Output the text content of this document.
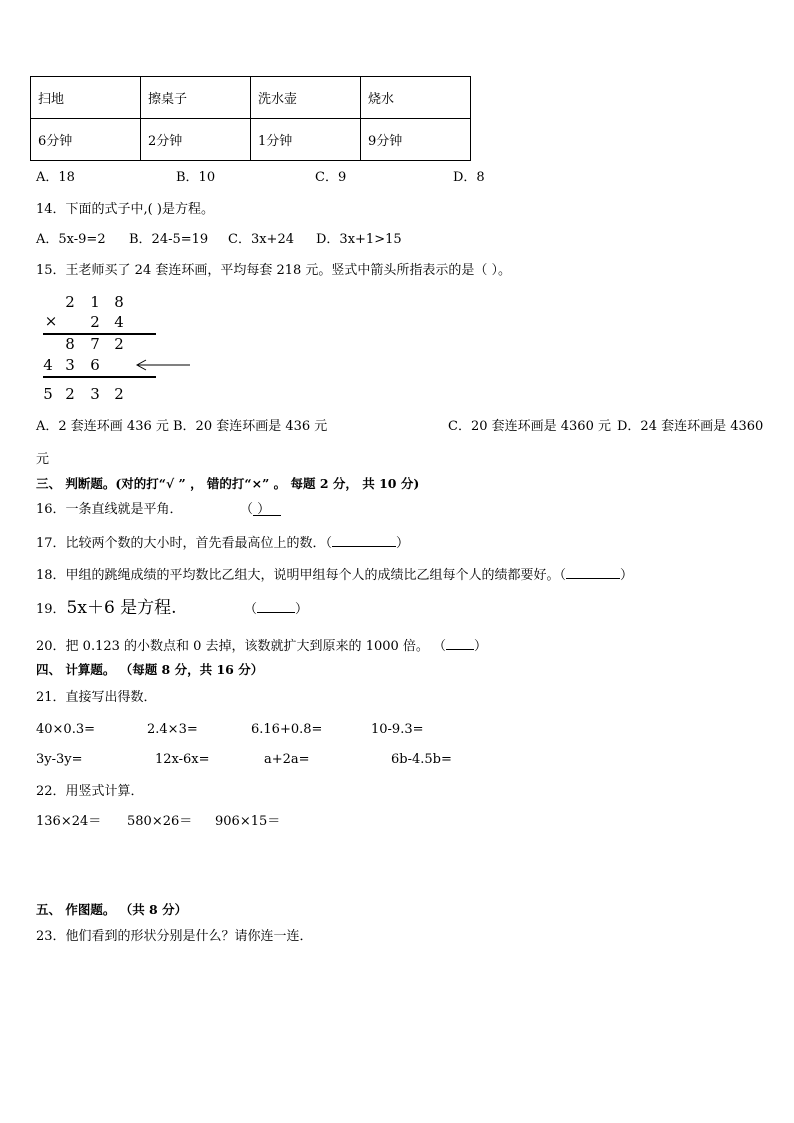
扫地	擦桌子	洗水壶	烧水
6分钟	2分钟	1分钟	9分钟
A．18	B．10	C．9	D．8
14．下面的式子中,( )是方程。
A．5x-9=2 B．24-5=19 C．3x+24 D．3x+1>15
15．王老师买了 24 套连环画，平均每套 218 元。竖式中箭头所指表示的是（ ）。
2 1 8
× 2 4
8 7 2
4 3 6
5 2 3 2
A．2 套连环画 436 元 B．20 套连环画是 436 元	C．20 套连环画是 4360 元 D．24 套连环画是 4360
元
三、 判断题。(对的打“√ ” ， 错的打“×” 。 每题 2 分， 共 10 分)
16．一条直线就是平角．	（ ）
17．比较两个数的大小时，首先看最高位上的数．（	）
18．甲组的跳绳成绩的平均数比乙组大，说明甲组每个人的成绩比乙组每个人的绩都要好。（	）
19．5x＋6 是方程.	（	）
20．把 0.123 的小数点和 0 去掉，该数就扩大到原来的 1000 倍。 （ ）
四、 计算题。 （每题 8 分，共 16 分）
21．直接写出得数．
40×0.3=	2.4×3=	6.16+0.8=	10-9.3=
3y-3y=	12x-6x=	a+2a=	6b-4.5b=
22．用竖式计算．
136×24＝ 580×26＝ 906×15＝
五、 作图题。 （共 8 分）
23．他们看到的形状分别是什么？请你连一连．
